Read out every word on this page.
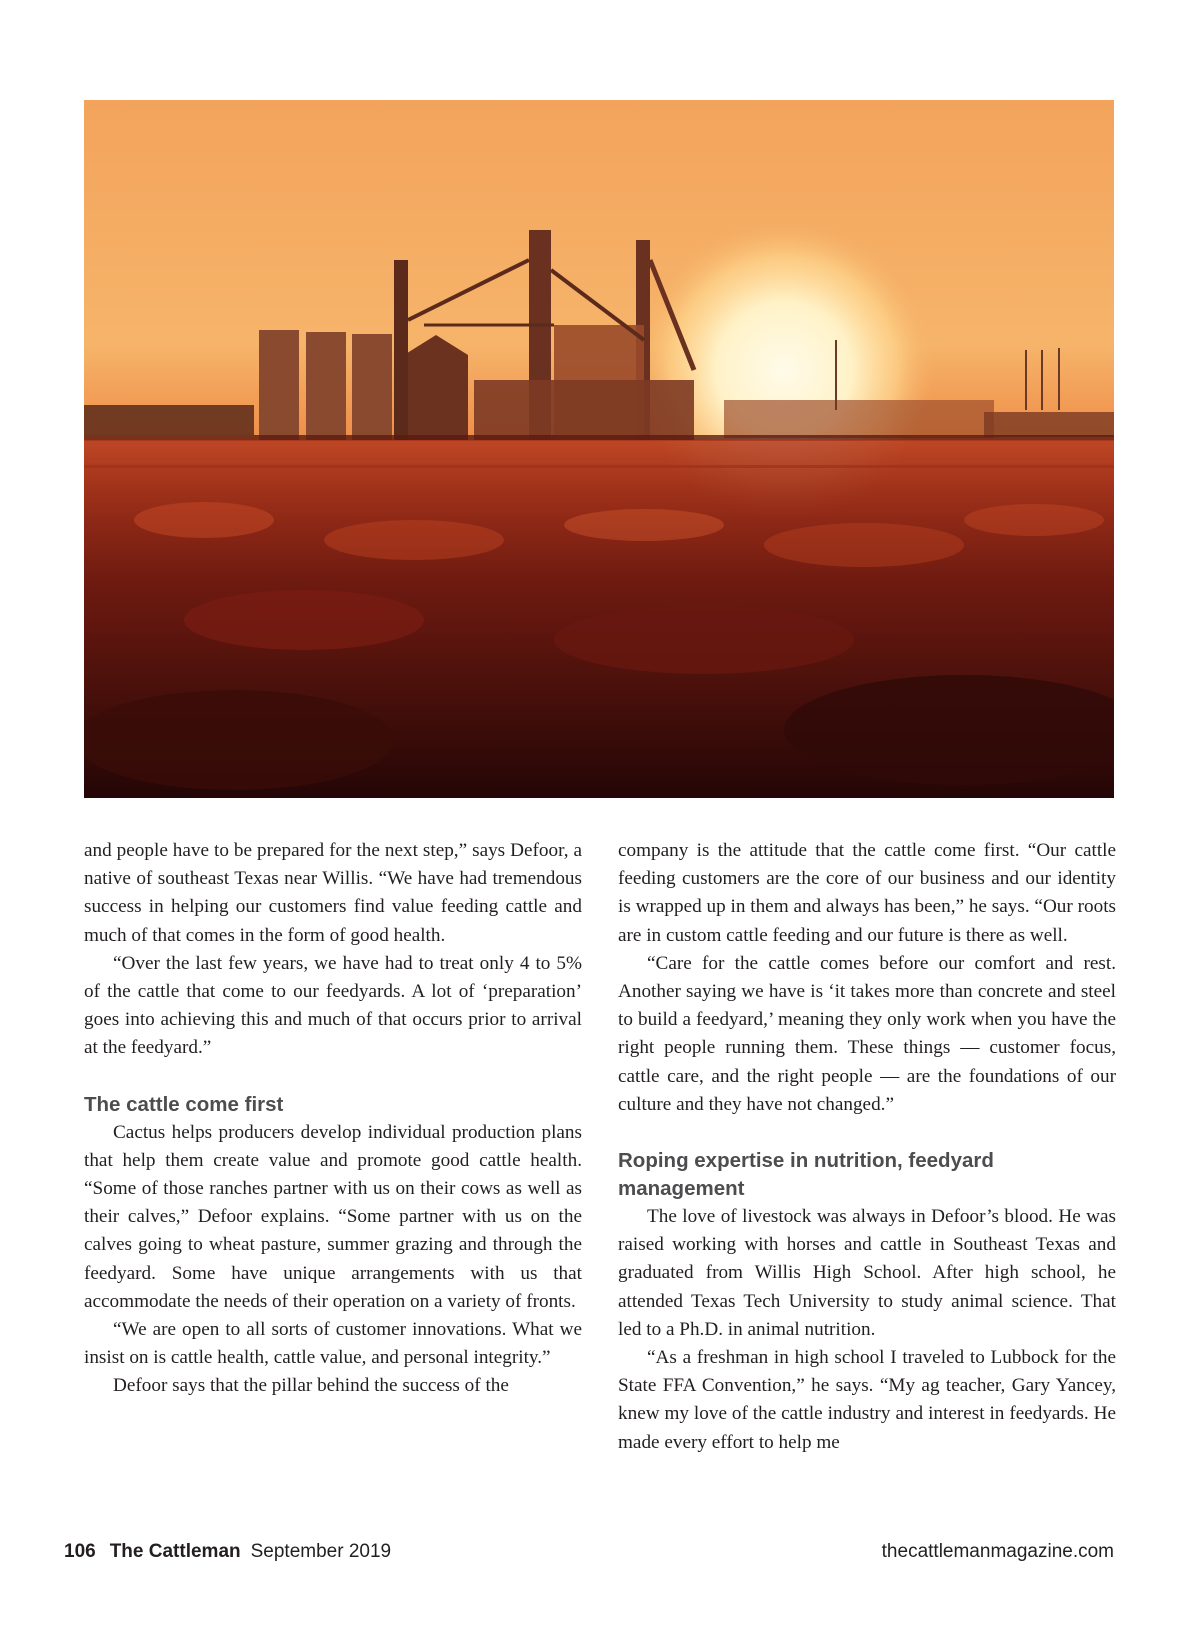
and people have to be prepared for the next step,” says Defoor, a native of southeast Texas near Willis. “We have had tremendous success in helping our customers find value feeding cattle and much of that comes in the form of good health.

“Over the last few years, we have had to treat only 4 to 5% of the cattle that come to our feedyards. A lot of ‘preparation’ goes into achieving this and much of that occurs prior to arrival at the feedyard.”

The cattle come first

Cactus helps producers develop individual production plans that help them create value and promote good cattle health. “Some of those ranches partner with us on their cows as well as their calves,” Defoor explains. “Some partner with us on the calves going to wheat pasture, summer grazing and through the feedyard. Some have unique arrangements with us that accommodate the needs of their operation on a variety of fronts.

“We are open to all sorts of customer innovations. What we insist on is cattle health, cattle value, and personal integrity.”

Defoor says that the pillar behind the success of the

company is the attitude that the cattle come first. “Our cattle feeding customers are the core of our business and our identity is wrapped up in them and always has been,” he says. “Our roots are in custom cattle feeding and our future is there as well.

“Care for the cattle comes before our comfort and rest. Another saying we have is ‘it takes more than concrete and steel to build a feedyard,’ meaning they only work when you have the right people running them. These things — customer focus, cattle care, and the right people — are the foundations of our culture and they have not changed.”

Roping expertise in nutrition, feedyard management

The love of livestock was always in Defoor’s blood. He was raised working with horses and cattle in Southeast Texas and graduated from Willis High School. After high school, he attended Texas Tech University to study animal science. That led to a Ph.D. in animal nutrition.

“As a freshman in high school I traveled to Lubbock for the State FFA Convention,” he says. “My ag teacher, Gary Yancey, knew my love of the cattle industry and interest in feedyards. He made every effort to help me

106 The Cattleman September 2019	thecattlemanmagazine.com
